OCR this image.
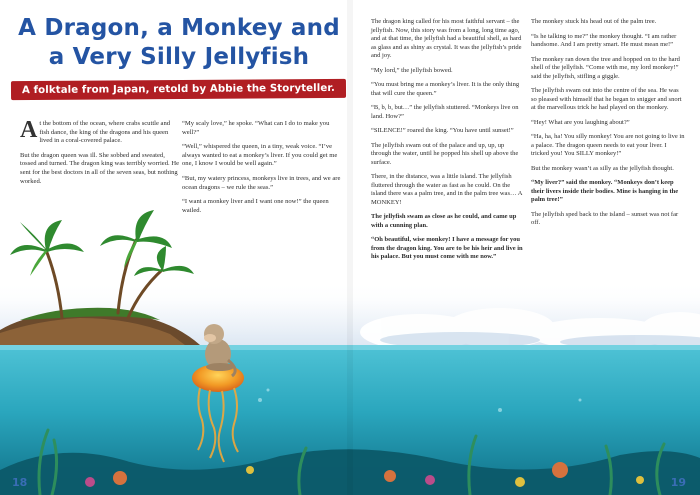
A Dragon, a Monkey and
a Very Silly Jellyfish
A folktale from Japan, retold by Abbie the Storyteller.

At the bottom of the ocean, where crabs scuttle and fish dance, the king of the dragons and his queen lived in a coral-covered palace.

But the dragon queen was ill. She sobbed and sweated, tossed and turned. The dragon king was terribly worried. He sent for the best doctors in all of the seven seas, but nothing worked.

“My scaly love,” he spoke. “What can I do to make you well?”

“Well,” whispered the queen, in a tiny, weak voice. “I’ve always wanted to eat a monkey’s liver. If you could get me one, I know I would be well again.”

“But, my watery princess, monkeys live in trees, and we are ocean dragons – we rule the seas.”

“I want a monkey liver and I want one now!” the queen wailed.

The dragon king called for his most faithful servant – the jellyfish. Now, this story was from a long, long time ago, and at that time, the jellyfish had a beautiful shell, as hard as glass and as shiny as crystal. It was the jellyfish’s pride and joy.

“My lord,” the jellyfish bowed.

“You must bring me a monkey’s liver. It is the only thing that will cure the queen.”

“B, b, b, but…” the jellyfish stuttered. “Monkeys live on land. How?”

“SILENCE!” roared the king. “You have until sunset!”

The jellyfish swam out of the palace and up, up, up through the water, until he popped his shell up above the surface.

There, in the distance, was a little island. The jellyfish fluttered through the water as fast as he could. On the island there was a palm tree, and in the palm tree was… A MONKEY!

The jellyfish swam as close as he could, and came up with a cunning plan.

“Oh beautiful, wise monkey! I have a message for you from the dragon king. You are to be his heir and live in his palace. But you must come with me now.”

The monkey stuck his head out of the palm tree.

“Is he talking to me?” the monkey thought. “I am rather handsome. And I am pretty smart. He must mean me!”

The monkey ran down the tree and hopped on to the hard shell of the jellyfish. “Come with me, my lord monkey!” said the jellyfish, stifling a giggle.

The jellyfish swam out into the centre of the sea. He was so pleased with himself that he began to snigger and snort at the marvellous trick he had played on the monkey.

“Hey! What are you laughing about?”

“Ha, ha, ha! You silly monkey! You are not going to live in a palace. The dragon queen needs to eat your liver. I tricked you! You SILLY monkey!”

But the monkey wasn’t as silly as the jellyfish thought.

“My liver?” said the monkey. “Monkeys don’t keep their livers inside their bodies. Mine is hanging in the palm tree!”

The jellyfish sped back to the island – sunset was not far off.

18	19
